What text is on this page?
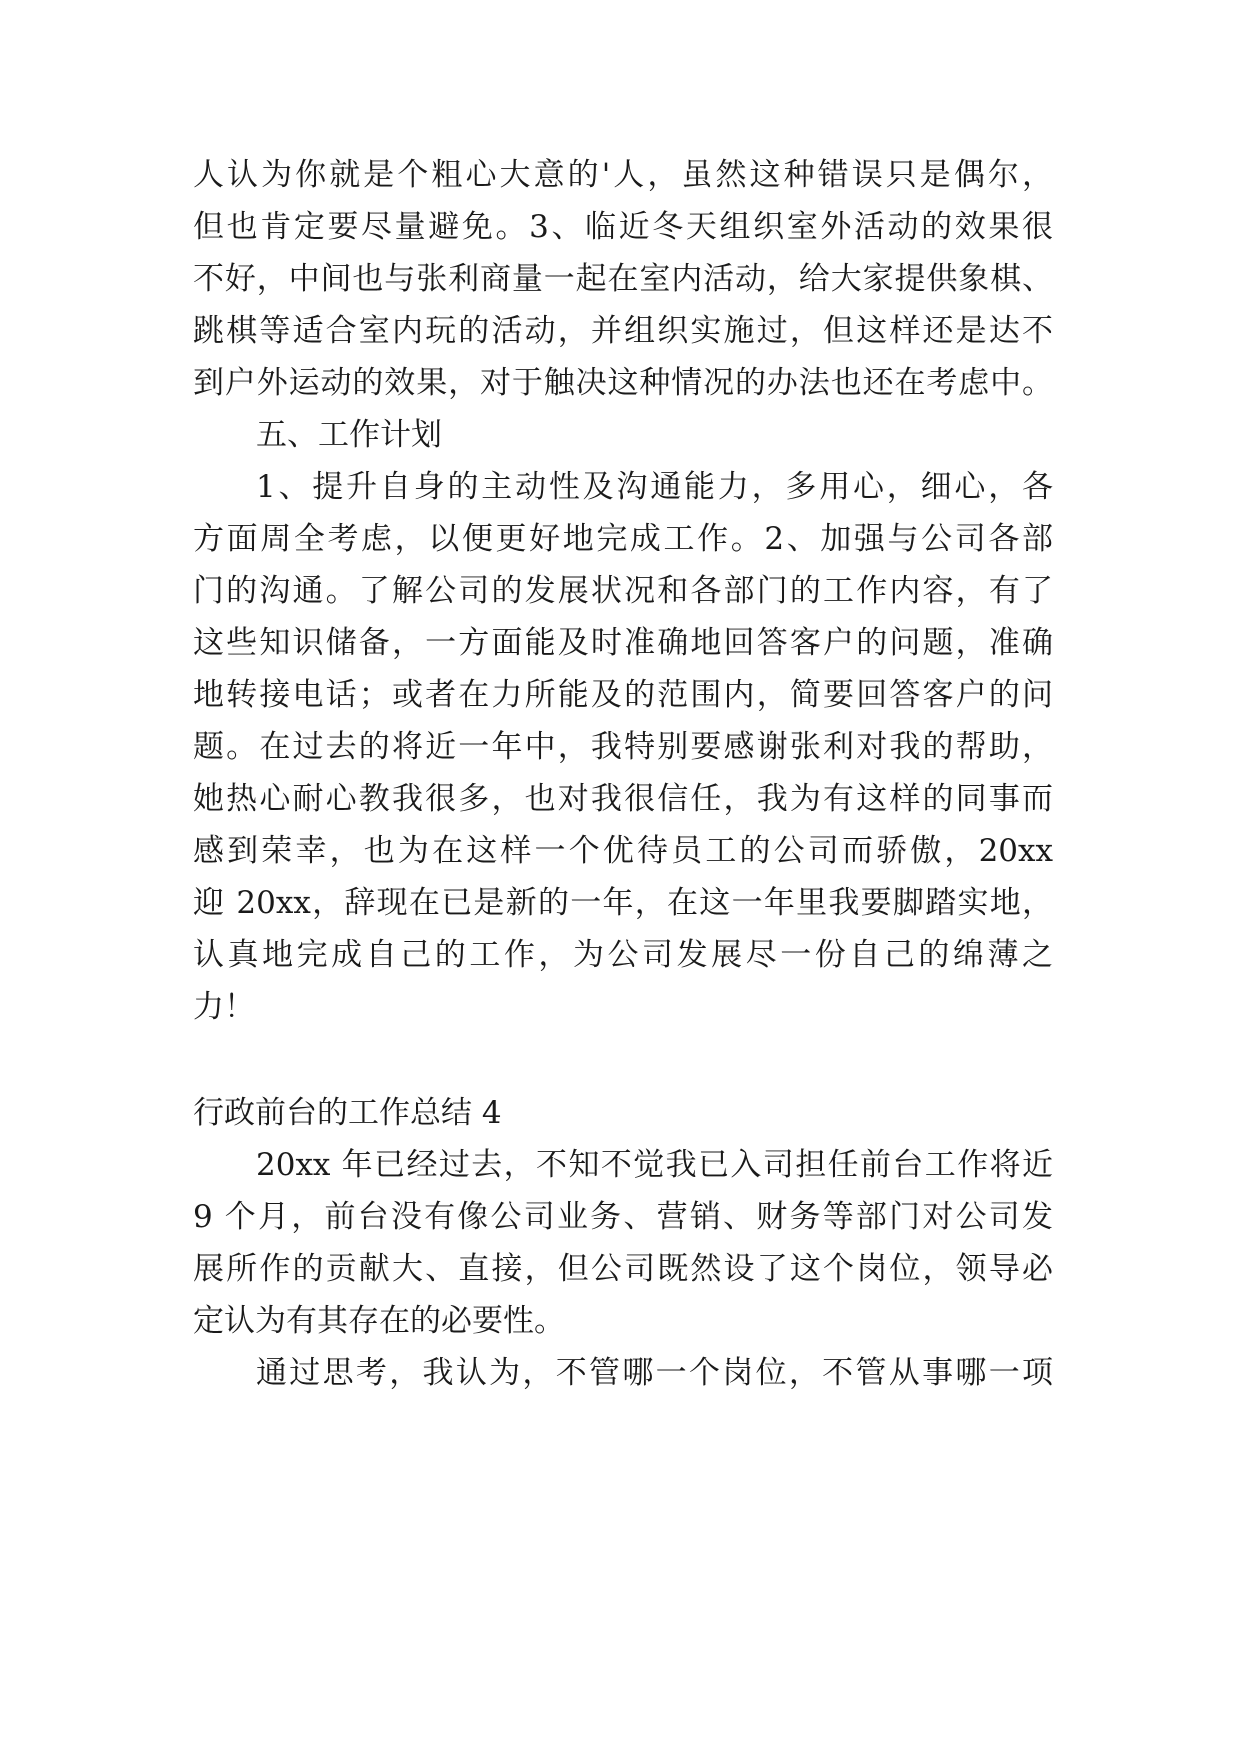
人认为你就是个粗心大意的'人，虽然这种错误只是偶尔，
但也肯定要尽量避免。3、临近冬天组织室外活动的效果很
不好，中间也与张利商量一起在室内活动，给大家提供象棋、
跳棋等适合室内玩的活动，并组织实施过，但这样还是达不
到户外运动的效果，对于触决这种情况的办法也还在考虑中。
五、工作计划
1、提升自身的主动性及沟通能力，多用心，细心，各
方面周全考虑，以便更好地完成工作。2、加强与公司各部
门的沟通。了解公司的发展状况和各部门的工作内容，有了
这些知识储备，一方面能及时准确地回答客户的问题，准确
地转接电话；或者在力所能及的范围内，简要回答客户的问
题。在过去的将近一年中，我特别要感谢张利对我的帮助，
她热心耐心教我很多，也对我很信任，我为有这样的同事而
感到荣幸，也为在这样一个优待员工的公司而骄傲，20xx
迎 20xx，辞现在已是新的一年，在这一年里我要脚踏实地，
认真地完成自己的工作，为公司发展尽一份自己的绵薄之
力！
行政前台的工作总结 4
20xx 年已经过去，不知不觉我已入司担任前台工作将近
9 个月，前台没有像公司业务、营销、财务等部门对公司发
展所作的贡献大、直接，但公司既然设了这个岗位，领导必
定认为有其存在的必要性。
通过思考，我认为，不管哪一个岗位，不管从事哪一项
